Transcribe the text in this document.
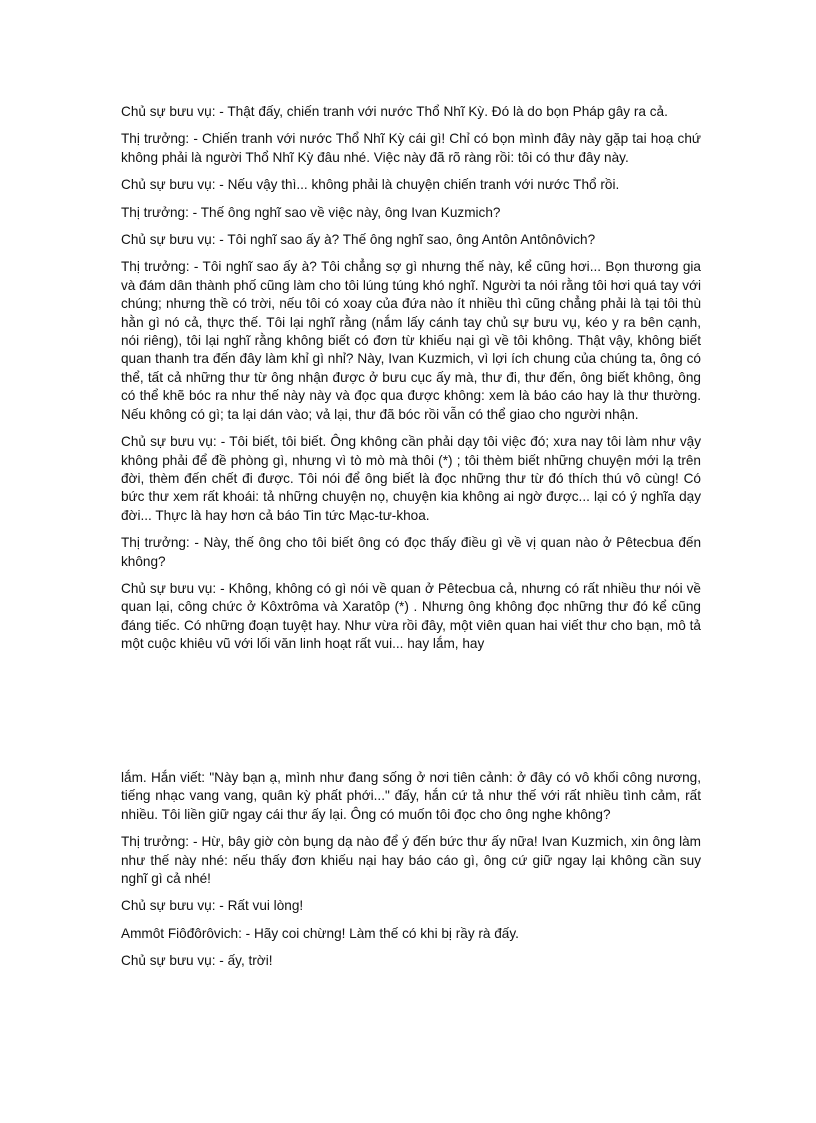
Chủ sự bưu vụ: - Thật đấy, chiến tranh với nước Thổ Nhĩ Kỳ. Đó là do bọn Pháp gây ra cả.

Thị trưởng: - Chiến tranh với nước Thổ Nhĩ Kỳ cái gì! Chỉ có bọn mình đây này gặp tai hoạ chứ không phải là người Thổ Nhĩ Kỳ đâu nhé. Việc này đã rõ ràng rồi: tôi có thư đây này.

Chủ sự bưu vụ: - Nếu vậy thì... không phải là chuyện chiến tranh với nước Thổ rồi.

Thị trưởng: - Thế ông nghĩ sao về việc này, ông Ivan Kuzmich?

Chủ sự bưu vụ: - Tôi nghĩ sao ấy à? Thế ông nghĩ sao, ông Antôn Antônôvich?

Thị trưởng: - Tôi nghĩ sao ấy à? Tôi chẳng sợ gì nhưng thế này, kể cũng hơi... Bọn thương gia và đám dân thành phố cũng làm cho tôi lúng túng khó nghĩ. Người ta nói rằng tôi hơi quá tay với chúng; nhưng thề có trời, nếu tôi có xoay của đứa nào ít nhiều thì cũng chẳng phải là tại tôi thù hằn gì nó cả, thực thế. Tôi lại nghĩ rằng (nắm lấy cánh tay chủ sự bưu vụ, kéo y ra bên cạnh, nói riêng), tôi lại nghĩ rằng không biết có đơn từ khiếu nại gì về tôi không. Thật vậy, không biết quan thanh tra đến đây làm khỉ gì nhỉ? Này, Ivan Kuzmich, vì lợi ích chung của chúng ta, ông có thể, tất cả những thư từ ông nhận được ở bưu cục ấy mà, thư đi, thư đến, ông biết không, ông có thể khẽ bóc ra như thế này này và đọc qua được không: xem là báo cáo hay là thư thường. Nếu không có gì; ta lại dán vào; vả lại, thư đã bóc rồi vẫn có thể giao cho người nhận.

Chủ sự bưu vụ: - Tôi biết, tôi biết. Ông không cần phải dạy tôi việc đó; xưa nay tôi làm như vậy không phải để đề phòng gì, nhưng vì tò mò mà thôi (*) ; tôi thèm biết những chuyện mới lạ trên đời, thèm đến chết đi được. Tôi nói để ông biết là đọc những thư từ đó thích thú vô cùng! Có bức thư xem rất khoái: tả những chuyện nọ, chuyện kia không ai ngờ được... lại có ý nghĩa dạy đời... Thực là hay hơn cả báo Tin tức Mạc-tư-khoa.

Thị trưởng: - Này, thế ông cho tôi biết ông có đọc thấy điều gì về vị quan nào ở Pêtecbua đến không?

Chủ sự bưu vụ: - Không, không có gì nói về quan ở Pêtecbua cả, nhưng có rất nhiều thư nói về quan lại, công chức ở Kôxtrôma và Xaratôp (*) . Nhưng ông không đọc những thư đó kể cũng đáng tiếc. Có những đoạn tuyệt hay. Như vừa rồi đây, một viên quan hai viết thư cho bạn, mô tả một cuộc khiêu vũ với lối văn linh hoạt rất vui... hay lắm, hay

lắm. Hắn viết: "Này bạn ạ, mình như đang sống ở nơi tiên cảnh: ở đây có vô khối công nương, tiếng nhạc vang vang, quân kỳ phất phới..." đấy, hắn cứ tả như thế với rất nhiều tình cảm, rất nhiều. Tôi liền giữ ngay cái thư ấy lại. Ông có muốn tôi đọc cho ông nghe không?

Thị trưởng: - Hừ, bây giờ còn bụng dạ nào để ý đến bức thư ấy nữa! Ivan Kuzmich, xin ông làm như thế này nhé: nếu thấy đơn khiếu nại hay báo cáo gì, ông cứ giữ ngay lại không cần suy nghĩ gì cả nhé!

Chủ sự bưu vụ: - Rất vui lòng!

Ammôt Fiôđôrôvich: - Hãy coi chừng! Làm thế có khi bị rầy rà đấy.

Chủ sự bưu vụ: - ấy, trời!
